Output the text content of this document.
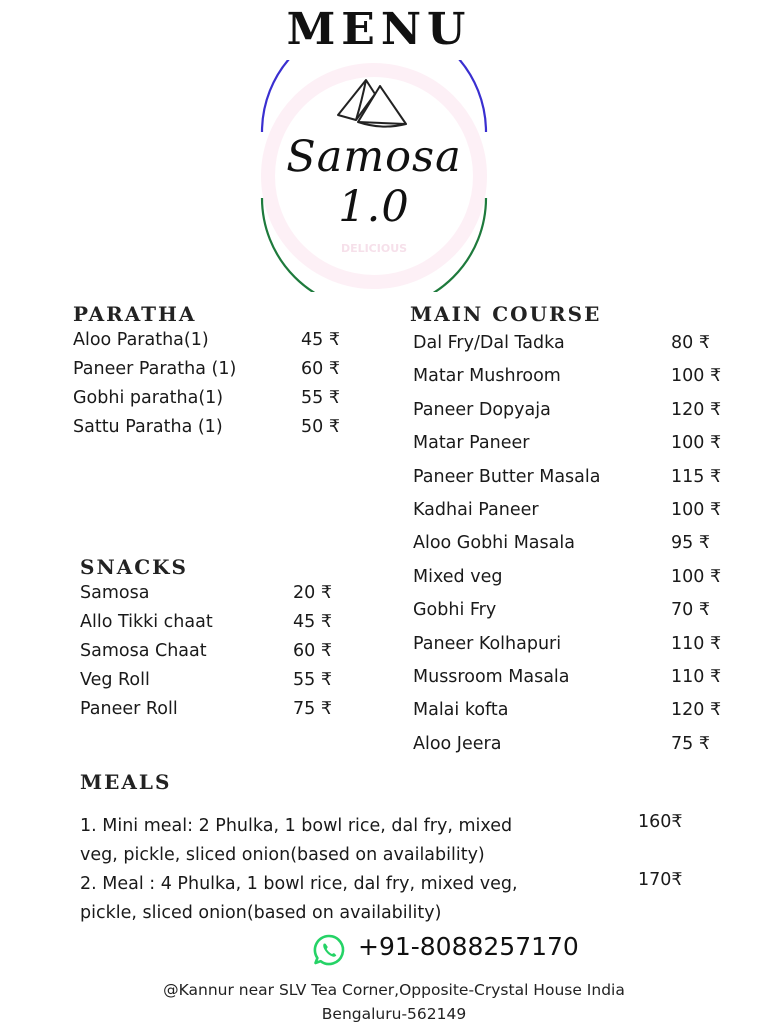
MENU
DELICIOUS
Samosa 1.0
PARATHA
Aloo Paratha(1)	45 ₹
Paneer Paratha (1)	60 ₹
Gobhi paratha(1)	55 ₹
Sattu Paratha (1)	50 ₹
MAIN COURSE
Dal Fry/Dal Tadka	80 ₹
Matar Mushroom	100 ₹
Paneer Dopyaja	120 ₹
Matar Paneer	100 ₹
Paneer Butter Masala	115 ₹
Kadhai Paneer	100 ₹
Aloo Gobhi Masala	95 ₹
Mixed veg	100 ₹
Gobhi Fry	70 ₹
Paneer Kolhapuri	110 ₹
Mussroom Masala	110 ₹
Malai kofta	120 ₹
Aloo Jeera	75 ₹
SNACKS
Samosa	20 ₹
Allo Tikki chaat	45 ₹
Samosa Chaat	60 ₹
Veg Roll	55 ₹
Paneer Roll	75 ₹
MEALS
1. Mini meal: 2 Phulka, 1 bowl rice, dal fry, mixed veg, pickle, sliced onion(based on availability)
160₹
2. Meal : 4 Phulka, 1 bowl rice, dal fry, mixed veg, pickle, sliced onion(based on availability)
170₹
+91-8088257170
@Kannur near SLV Tea Corner,Opposite-Crystal House India
Bengaluru-562149
